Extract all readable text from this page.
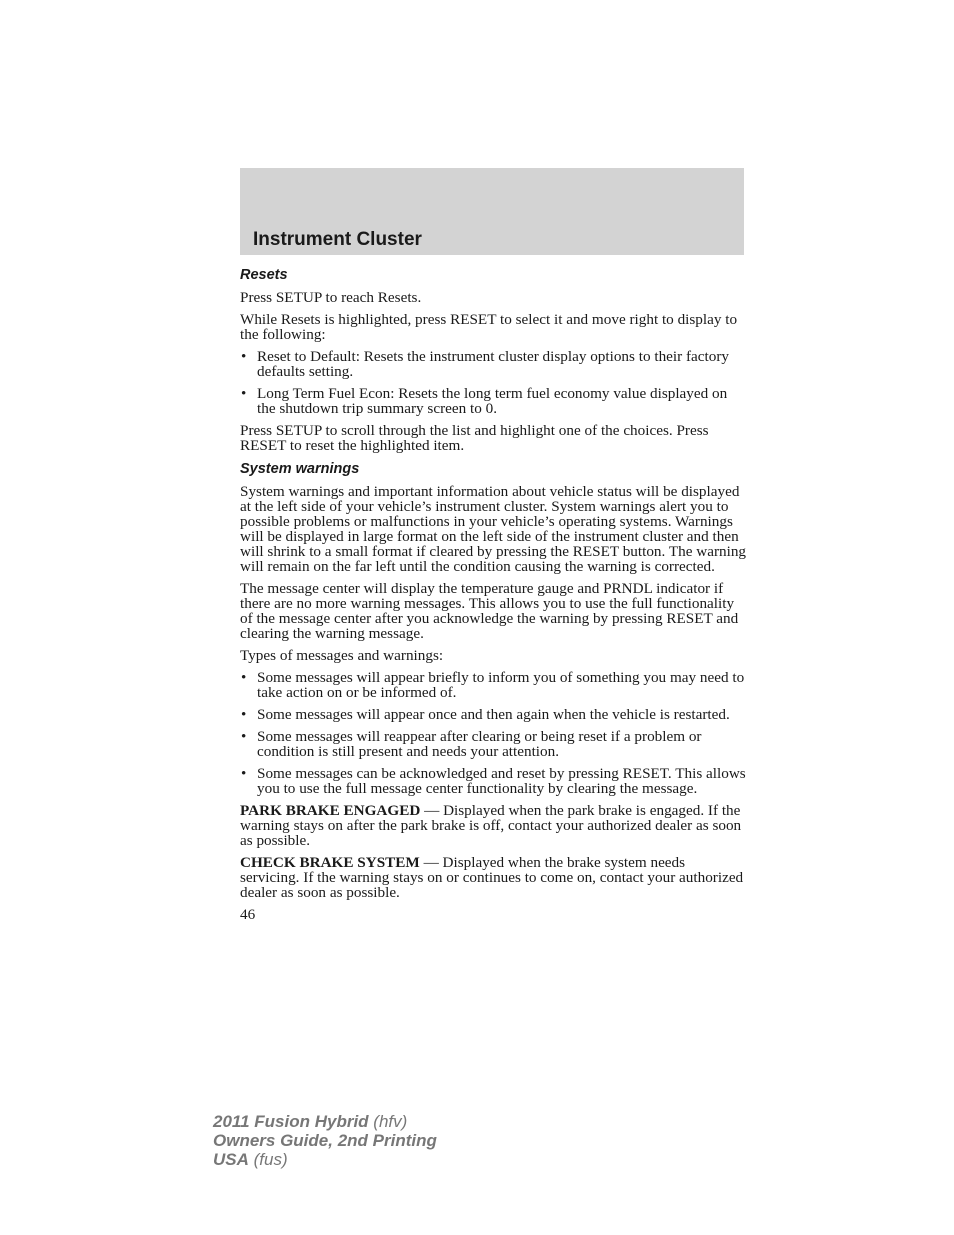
Instrument Cluster
Resets

Press SETUP to reach Resets.

While Resets is highlighted, press RESET to select it and move right to display to the following:

• Reset to Default: Resets the instrument cluster display options to their factory defaults setting.
• Long Term Fuel Econ: Resets the long term fuel economy value displayed on the shutdown trip summary screen to 0.

Press SETUP to scroll through the list and highlight one of the choices. Press RESET to reset the highlighted item.

System warnings

System warnings and important information about vehicle status will be displayed at the left side of your vehicle’s instrument cluster. System warnings alert you to possible problems or malfunctions in your vehicle’s operating systems. Warnings will be displayed in large format on the left side of the instrument cluster and then will shrink to a small format if cleared by pressing the RESET button. The warning will remain on the far left until the condition causing the warning is corrected.

The message center will display the temperature gauge and PRNDL indicator if there are no more warning messages. This allows you to use the full functionality of the message center after you acknowledge the warning by pressing RESET and clearing the warning message.

Types of messages and warnings:

• Some messages will appear briefly to inform you of something you may need to take action on or be informed of.
• Some messages will appear once and then again when the vehicle is restarted.
• Some messages will reappear after clearing or being reset if a problem or condition is still present and needs your attention.
• Some messages can be acknowledged and reset by pressing RESET. This allows you to use the full message center functionality by clearing the message.

PARK BRAKE ENGAGED — Displayed when the park brake is engaged. If the warning stays on after the park brake is off, contact your authorized dealer as soon as possible.

CHECK BRAKE SYSTEM — Displayed when the brake system needs servicing. If the warning stays on or continues to come on, contact your authorized dealer as soon as possible.

46
2011 Fusion Hybrid (hfv)
Owners Guide, 2nd Printing
USA (fus)
